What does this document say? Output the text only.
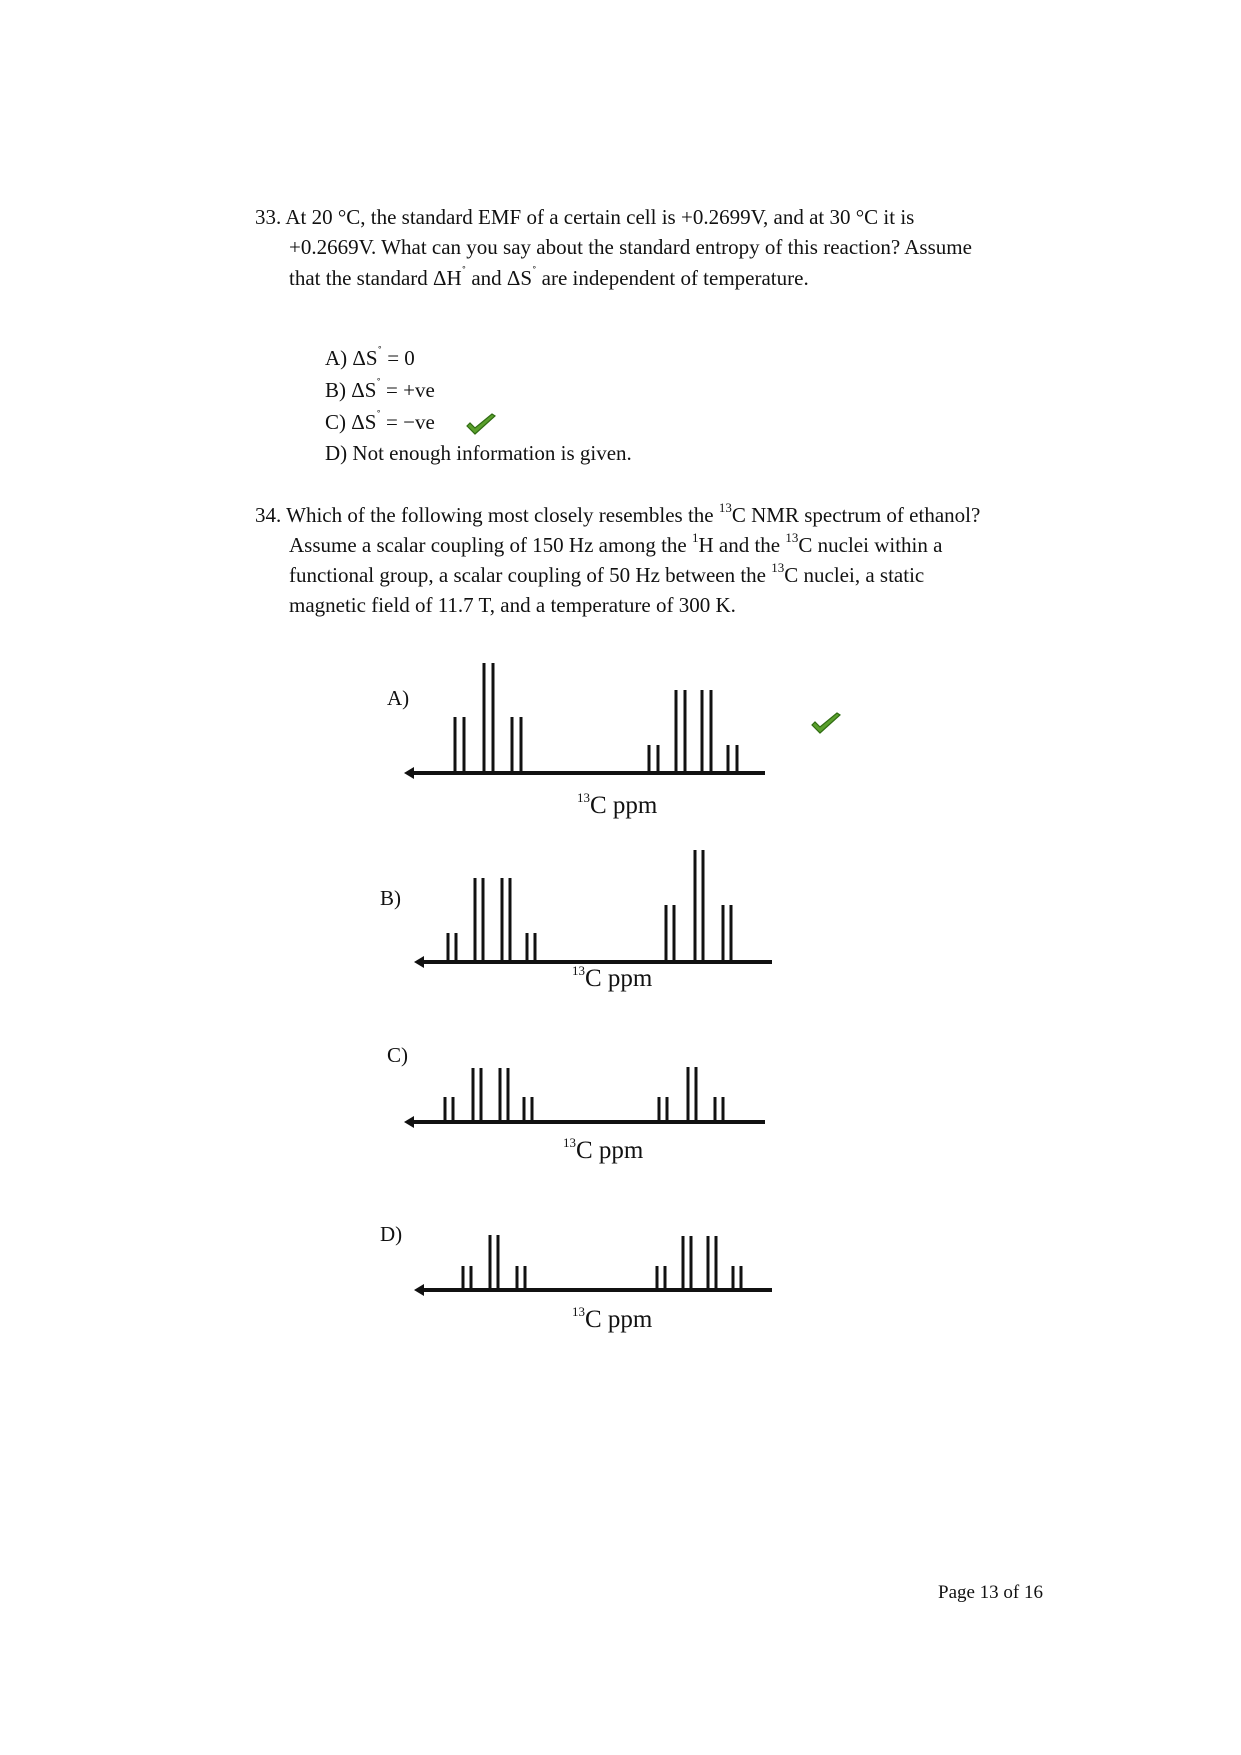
33. At 20 °C, the standard EMF of a certain cell is +0.2699V, and at 30 °C it is
+0.2669V. What can you say about the standard entropy of this reaction? Assume
that the standard ΔH˚ and ΔS˚ are independent of temperature.
A) ΔS˚ = 0
B) ΔS˚ = +ve
C) ΔS˚ = −ve
D) Not enough information is given.
34. Which of the following most closely resembles the $^{13}$C NMR spectrum of ethanol?
Assume a scalar coupling of 150 Hz among the $^1$H and the $^{13}$C nuclei within a
functional group, a scalar coupling of 50 Hz between the $^{13}$C nuclei, a static
magnetic field of 11.7 T, and a temperature of 300 K.
A)
$^{13}$C ppm
B)
$^{13}$C ppm
C)
$^{13}$C ppm
D)
$^{13}$C ppm
Page 13 of 16
